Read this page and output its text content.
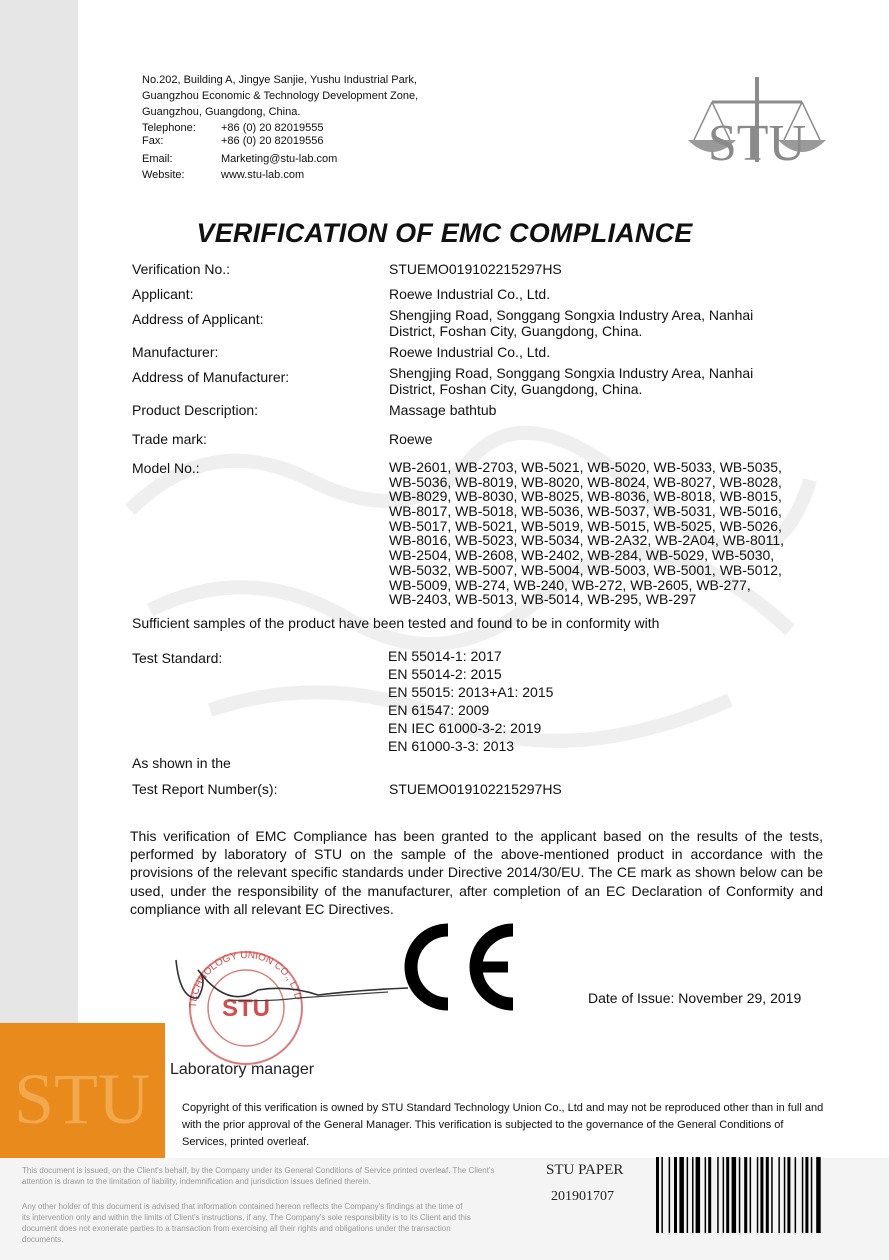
STU
No.202, Building A, Jingye Sanjie, Yushu Industrial Park,
Guangzhou Economic & Technology Development Zone,
Guangzhou, Guangdong, China.
Telephone:	+86 (0) 20 82019555
Fax:	+86 (0) 20 82019556
Email:	Marketing@stu-lab.com
Website:	www.stu-lab.com
STU
VERIFICATION OF EMC COMPLIANCE
Verification No.:	STUEMO019102215297HS
Applicant:	Roewe Industrial Co., Ltd.
Address of Applicant:	Shengjing Road, Songgang Songxia Industry Area, Nanhai
District, Foshan City, Guangdong, China.
Manufacturer:	Roewe Industrial Co., Ltd.
Address of Manufacturer:	Shengjing Road, Songgang Songxia Industry Area, Nanhai
District, Foshan City, Guangdong, China.
Product Description:	Massage bathtub
Trade mark:	Roewe
Model No.:	WB-2601, WB-2703, WB-5021, WB-5020, WB-5033, WB-5035,
WB-5036, WB-8019, WB-8020, WB-8024, WB-8027, WB-8028,
WB-8029, WB-8030, WB-8025, WB-8036, WB-8018, WB-8015,
WB-8017, WB-5018, WB-5036, WB-5037, WB-5031, WB-5016,
WB-5017, WB-5021, WB-5019, WB-5015, WB-5025, WB-5026,
WB-8016, WB-5023, WB-5034, WB-2A32, WB-2A04, WB-8011,
WB-2504, WB-2608, WB-2402, WB-284, WB-5029, WB-5030,
WB-5032, WB-5007, WB-5004, WB-5003, WB-5001, WB-5012,
WB-5009, WB-274, WB-240, WB-272, WB-2605, WB-277,
WB-2403, WB-5013, WB-5014, WB-295, WB-297
Sufficient samples of the product have been tested and found to be in conformity with
Test Standard:	EN 55014-1: 2017
EN 55014-2: 2015
EN 55015: 2013+A1: 2015
EN 61547: 2009
EN IEC 61000-3-2: 2019
EN 61000-3-3: 2013
As shown in the
Test Report Number(s):	STUEMO019102215297HS
This verification of EMC Compliance has been granted to the applicant based on the results of the tests, performed by laboratory of STU on the sample of the above-mentioned product in accordance with the provisions of the relevant specific standards under Directive 2014/30/EU. The CE mark as shown below can be used, under the responsibility of the manufacturer, after completion of an EC Declaration of Conformity and compliance with all relevant EC Directives.
TECHNOLOGY UNION CO., LTD
STU
Laboratory manager
Date of Issue: November 29, 2019
Copyright of this verification is owned by STU Standard Technology Union Co., Ltd and may not be reproduced other than in full and with the prior approval of the General Manager. This verification is subjected to the governance of the General Conditions of Services, printed overleaf.
This document is issued, on the Client's behalf, by the Company under its General Conditions of Service printed overleaf. The Client's attention is drawn to the limitation of liability, indemnification and jurisdiction issues defined therein.
Any other holder of this document is advised that information contained hereon reflects the Company's findings at the time of its intervention only and within the limits of Client's instructions, if any. The Company's sole responsibility is to its Client and this document does not exonerate parties to a transaction from exercising all their rights and obligations under the transaction documents.
STU PAPER
201901707
